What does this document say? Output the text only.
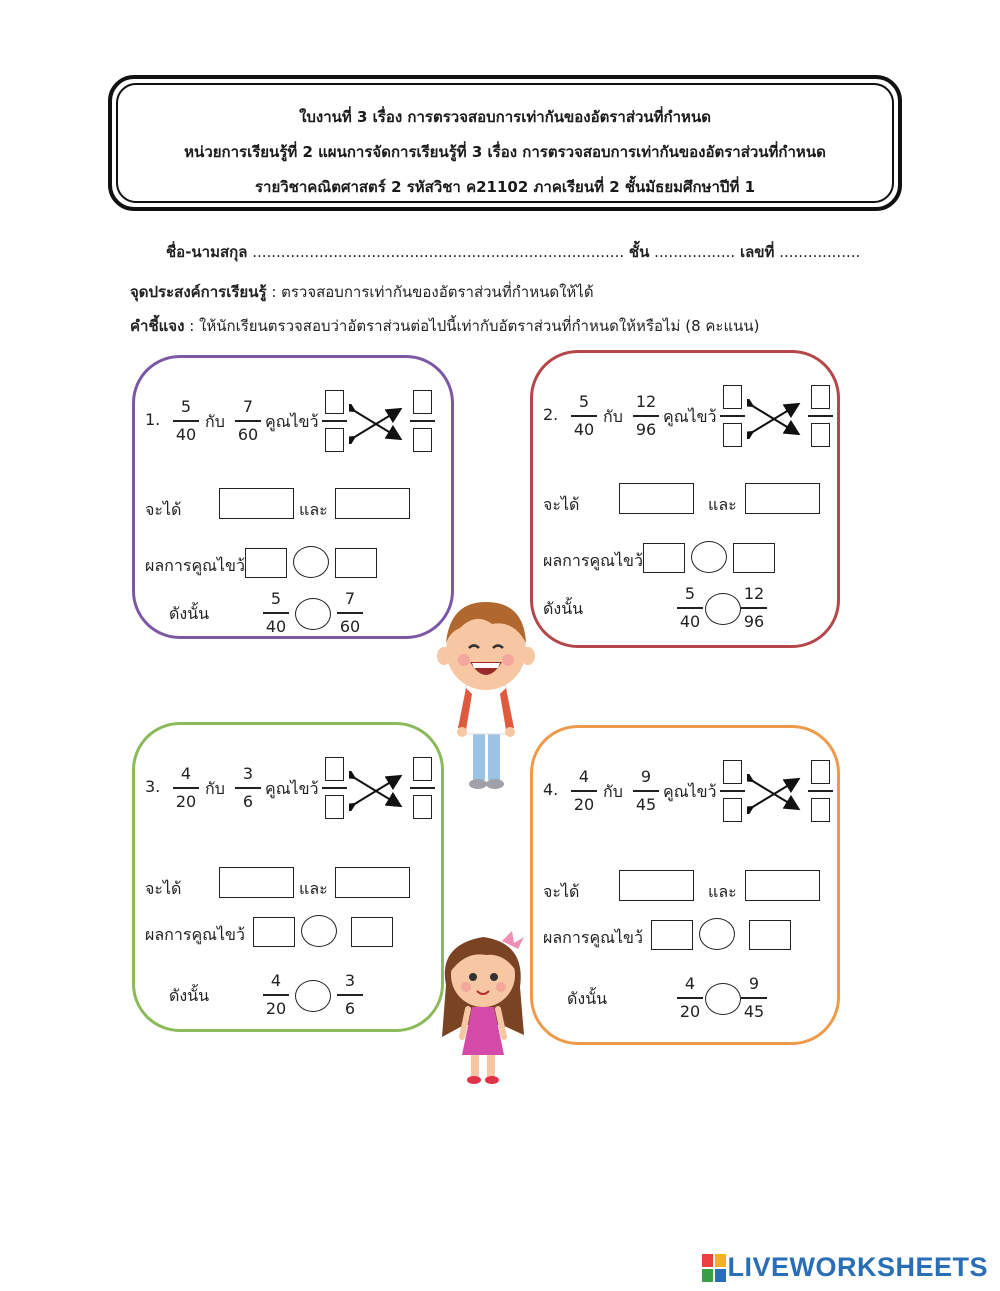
ใบงานที่ 3 เรื่อง การตรวจสอบการเท่ากันของอัตราส่วนที่กำหนด
หน่วยการเรียนรู้ที่ 2 แผนการจัดการเรียนรู้ที่ 3 เรื่อง การตรวจสอบการเท่ากันของอัตราส่วนที่กำหนด
รายวิชาคณิตศาสตร์ 2 รหัสวิชา ค21102 ภาคเรียนที่ 2 ชั้นมัธยมศึกษาปีที่ 1
ชื่อ-นามสกุล .............................................................................. ชั้น ................. เลขที่ .................
จุดประสงค์การเรียนรู้ : ตรวจสอบการเท่ากันของอัตราส่วนที่กำหนดให้ได้
คำชี้แจง : ให้นักเรียนตรวจสอบว่าอัตราส่วนต่อไปนี้เท่ากับอัตราส่วนที่กำหนดให้หรือไม่ (8 คะแนน)
1.
5
40
กับ
7
60
คูณไขว้
จะได้	และ
ผลการคูณไขว้
ดังนั้น
5
40
7
60
2.
5
40
กับ
12
96
คูณไขว้
จะได้	และ
ผลการคูณไขว้
ดังนั้น
5
40
12
96
3.
4
20
กับ
3
6
คูณไขว้
จะได้	และ
ผลการคูณไขว้
ดังนั้น
4
20
3
6
4.
4
20
กับ
9
45
คูณไขว้
จะได้	และ
ผลการคูณไขว้
ดังนั้น
4
20
9
45
LIVEWORKSHEETS
